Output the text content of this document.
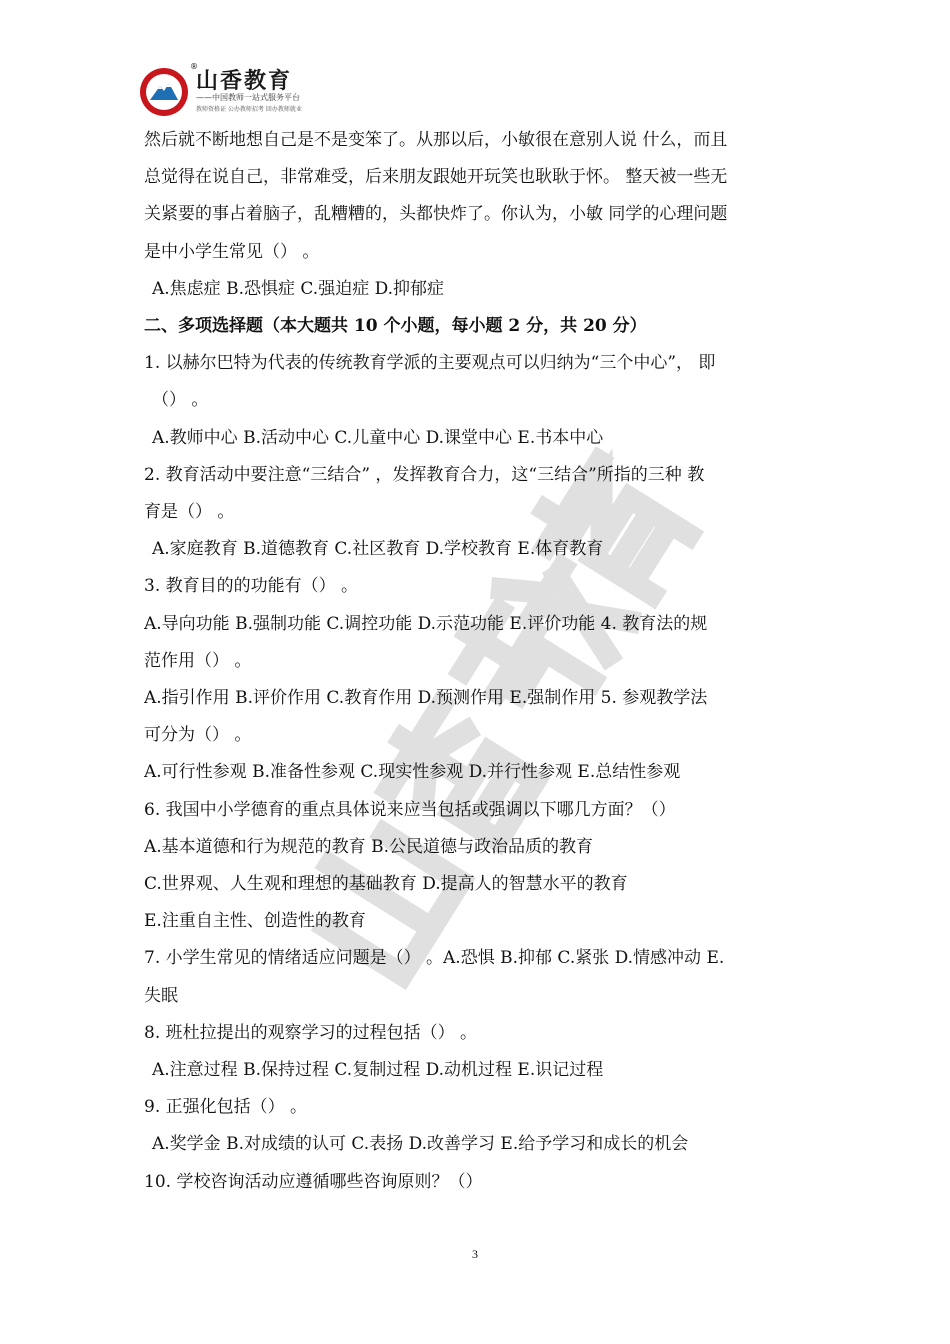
山香教育
®
——中国教师一站式服务平台
教师资格证 公办教师招考 回办教师就业
然后就不断地想自己是不是变笨了。从那以后，小敏很在意别人说 什么，而且
总觉得在说自己，非常难受，后来朋友跟她开玩笑也耿耿于怀。 整天被一些无
关紧要的事占着脑子，乱糟糟的，头都快炸了。你认为，小敏 同学的心理问题
是中小学生常见（） 。
A.焦虑症 B.恐惧症 C.强迫症 D.抑郁症
二、多项选择题（本大题共 10 个小题，每小题 2 分，共 20 分）
1. 以赫尔巴特为代表的传统教育学派的主要观点可以归纳为“三个中心”， 即
（） 。
A.教师中心 B.活动中心 C.儿童中心 D.课堂中心 E.书本中心
2. 教育活动中要注意“三结合” ，发挥教育合力，这“三结合”所指的三种 教
育是（） 。
A.家庭教育 B.道德教育 C.社区教育 D.学校教育 E.体育教育
3. 教育目的的功能有（） 。
A.导向功能 B.强制功能 C.调控功能 D.示范功能 E.评价功能 4. 教育法的规
范作用（） 。
A.指引作用 B.评价作用 C.教育作用 D.预测作用 E.强制作用 5. 参观教学法
可分为（） 。
A.可行性参观 B.准备性参观 C.现实性参观 D.并行性参观 E.总结性参观
6. 我国中小学德育的重点具体说来应当包括或强调以下哪几方面？（）
A.基本道德和行为规范的教育 B.公民道德与政治品质的教育
C.世界观、人生观和理想的基础教育 D.提高人的智慧水平的教育
E.注重自主性、创造性的教育
7. 小学生常见的情绪适应问题是（） 。A.恐惧 B.抑郁 C.紧张 D.情感冲动 E.
失眠
8. 班杜拉提出的观察学习的过程包括（） 。
A.注意过程 B.保持过程 C.复制过程 D.动机过程 E.识记过程
9. 正强化包括（） 。
A.奖学金 B.对成绩的认可 C.表扬 D.改善学习 E.给予学习和成长的机会
10. 学校咨询活动应遵循哪些咨询原则？（）
3
